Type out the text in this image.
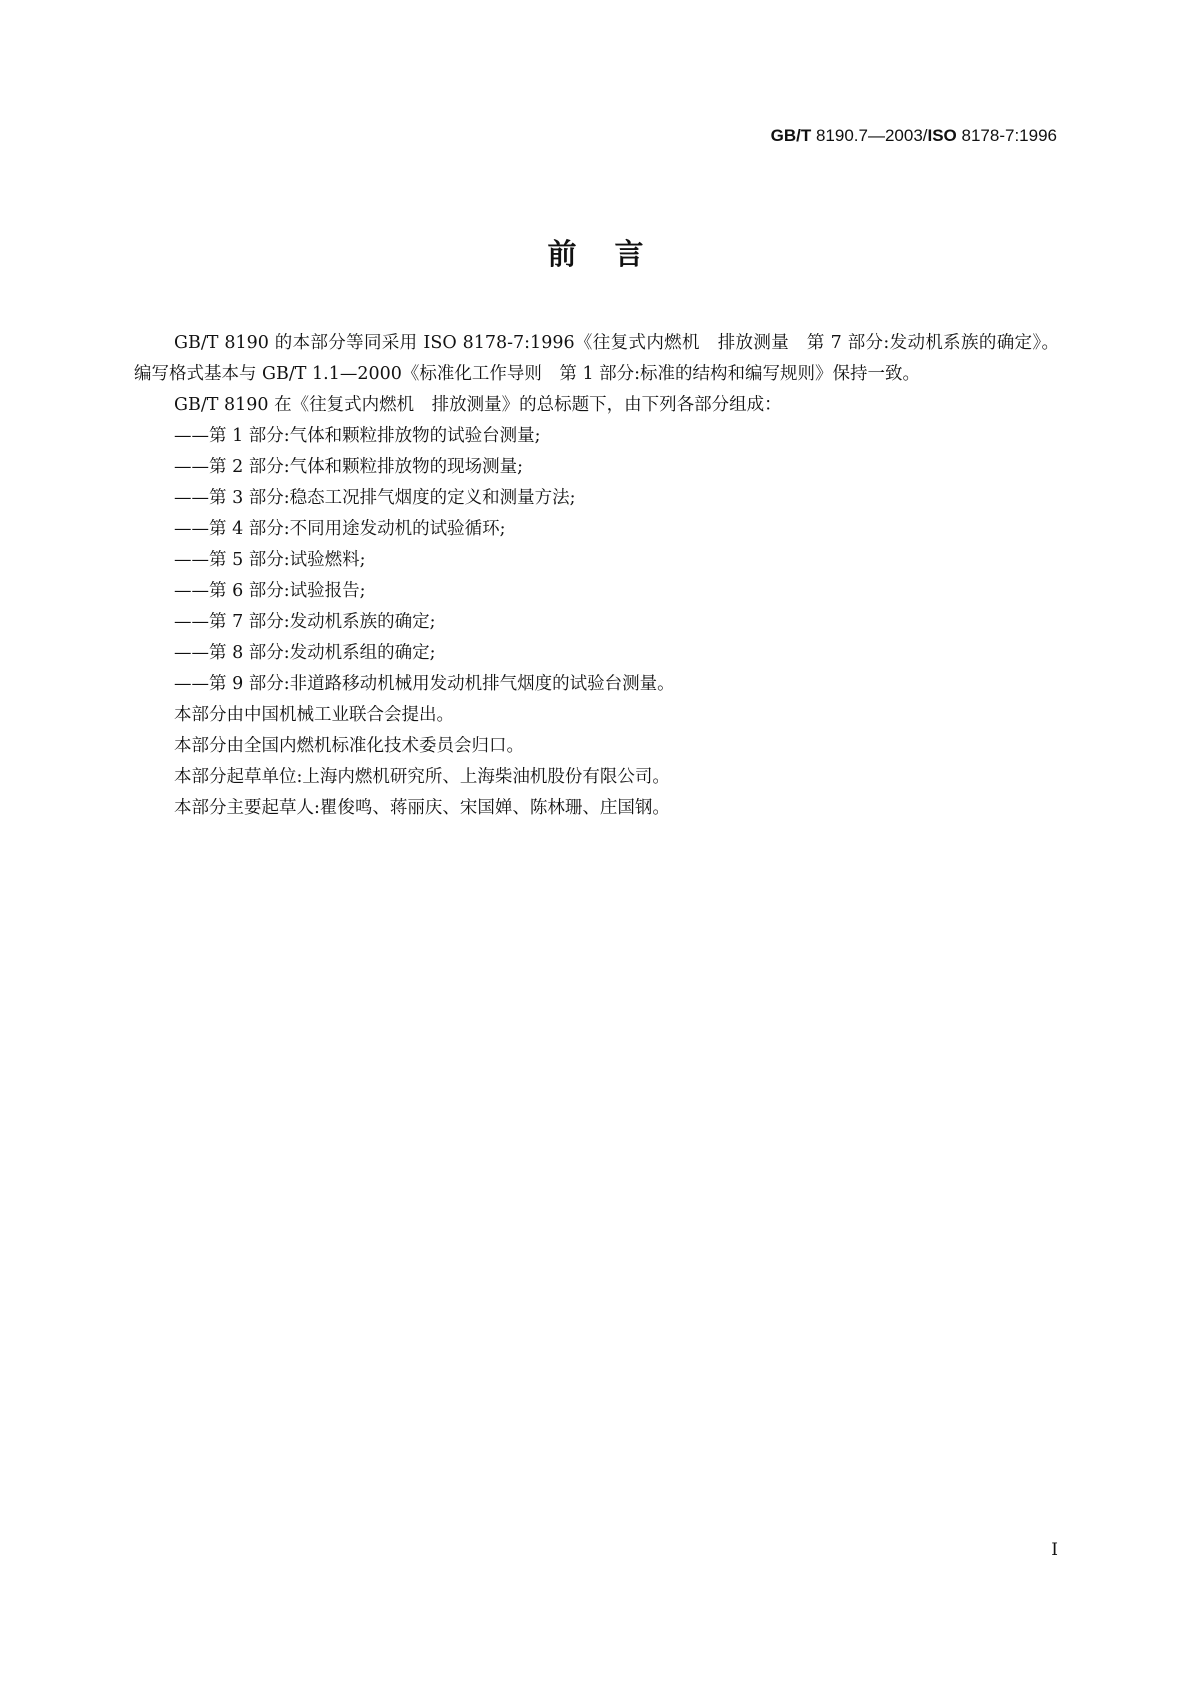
GB/T 8190.7—2003/ISO 8178-7:1996
前言

GB/T 8190 的本部分等同采用 ISO 8178-7:1996《往复式内燃机　排放测量　第 7 部分:发动机系族的确定》。编写格式基本与 GB/T 1.1—2000《标准化工作导则　第 1 部分:标准的结构和编写规则》保持一致。

GB/T 8190 在《往复式内燃机　排放测量》的总标题下，由下列各部分组成：

——第 1 部分:气体和颗粒排放物的试验台测量;

——第 2 部分:气体和颗粒排放物的现场测量;

——第 3 部分:稳态工况排气烟度的定义和测量方法;

——第 4 部分:不同用途发动机的试验循环;

——第 5 部分:试验燃料;

——第 6 部分:试验报告;

——第 7 部分:发动机系族的确定;

——第 8 部分:发动机系组的确定;

——第 9 部分:非道路移动机械用发动机排气烟度的试验台测量。

本部分由中国机械工业联合会提出。

本部分由全国内燃机标准化技术委员会归口。

本部分起草单位:上海内燃机研究所、上海柴油机股份有限公司。

本部分主要起草人:瞿俊鸣、蒋丽庆、宋国婵、陈林珊、庄国钢。

I
